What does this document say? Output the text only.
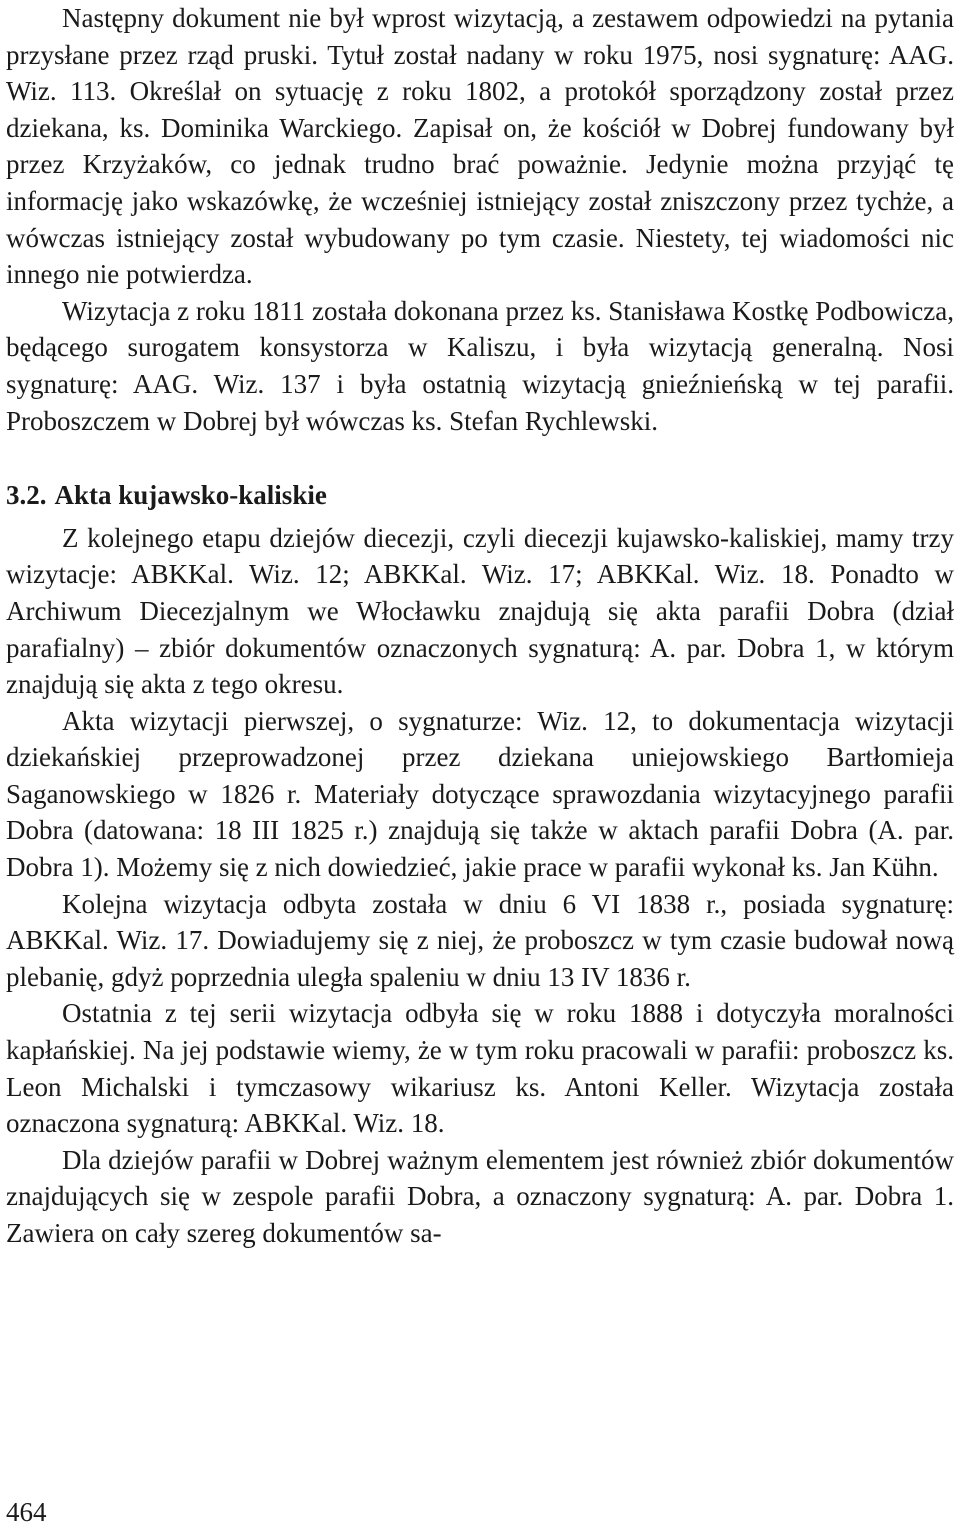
Następny dokument nie był wprost wizytacją, a zestawem odpowiedzi na pytania przysłane przez rząd pruski. Tytuł został nadany w roku 1975, nosi sygnaturę: AAG. Wiz. 113. Określał on sytuację z roku 1802, a protokół sporządzony został przez dziekana, ks. Dominika Warckiego. Zapisał on, że kościół w Dobrej fundowany był przez Krzyżaków, co jednak trudno brać poważnie. Jedynie można przyjąć tę informację jako wskazówkę, że wcześniej istniejący został zniszczony przez tychże, a wówczas istniejący został wybudowany po tym czasie. Niestety, tej wiadomości nic innego nie potwierdza.

Wizytacja z roku 1811 została dokonana przez ks. Stanisława Kostkę Podbowicza, będącego surogatem konsystorza w Kaliszu, i była wizytacją generalną. Nosi sygnaturę: AAG. Wiz. 137 i była ostatnią wizytacją gnieźnieńską w tej parafii. Proboszczem w Dobrej był wówczas ks. Stefan Rychlewski.

3.2. Akta kujawsko-kaliskie

Z kolejnego etapu dziejów diecezji, czyli diecezji kujawsko-kaliskiej, mamy trzy wizytacje: ABKKal. Wiz. 12; ABKKal. Wiz. 17; ABKKal. Wiz. 18. Ponadto w Archiwum Diecezjalnym we Włocławku znajdują się akta parafii Dobra (dział parafialny) – zbiór dokumentów oznaczonych sygnaturą: A. par. Dobra 1, w którym znajdują się akta z tego okresu.

Akta wizytacji pierwszej, o sygnaturze: Wiz. 12, to dokumentacja wizytacji dziekańskiej przeprowadzonej przez dziekana uniejowskiego Bartłomieja Saganowskiego w 1826 r. Materiały dotyczące sprawozdania wizytacyjnego parafii Dobra (datowana: 18 III 1825 r.) znajdują się także w aktach parafii Dobra (A. par. Dobra 1). Możemy się z nich dowiedzieć, jakie prace w parafii wykonał ks. Jan Kühn.

Kolejna wizytacja odbyta została w dniu 6 VI 1838 r., posiada sygnaturę: ABKKal. Wiz. 17. Dowiadujemy się z niej, że proboszcz w tym czasie budował nową plebanię, gdyż poprzednia uległa spaleniu w dniu 13 IV 1836 r.

Ostatnia z tej serii wizytacja odbyła się w roku 1888 i dotyczyła moralności kapłańskiej. Na jej podstawie wiemy, że w tym roku pracowali w parafii: proboszcz ks. Leon Michalski i tymczasowy wikariusz ks. Antoni Keller. Wizytacja została oznaczona sygnaturą: ABKKal. Wiz. 18.

Dla dziejów parafii w Dobrej ważnym elementem jest również zbiór dokumentów znajdujących się w zespole parafii Dobra, a oznaczony sygnaturą: A. par. Dobra 1. Zawiera on cały szereg dokumentów sa-

464
